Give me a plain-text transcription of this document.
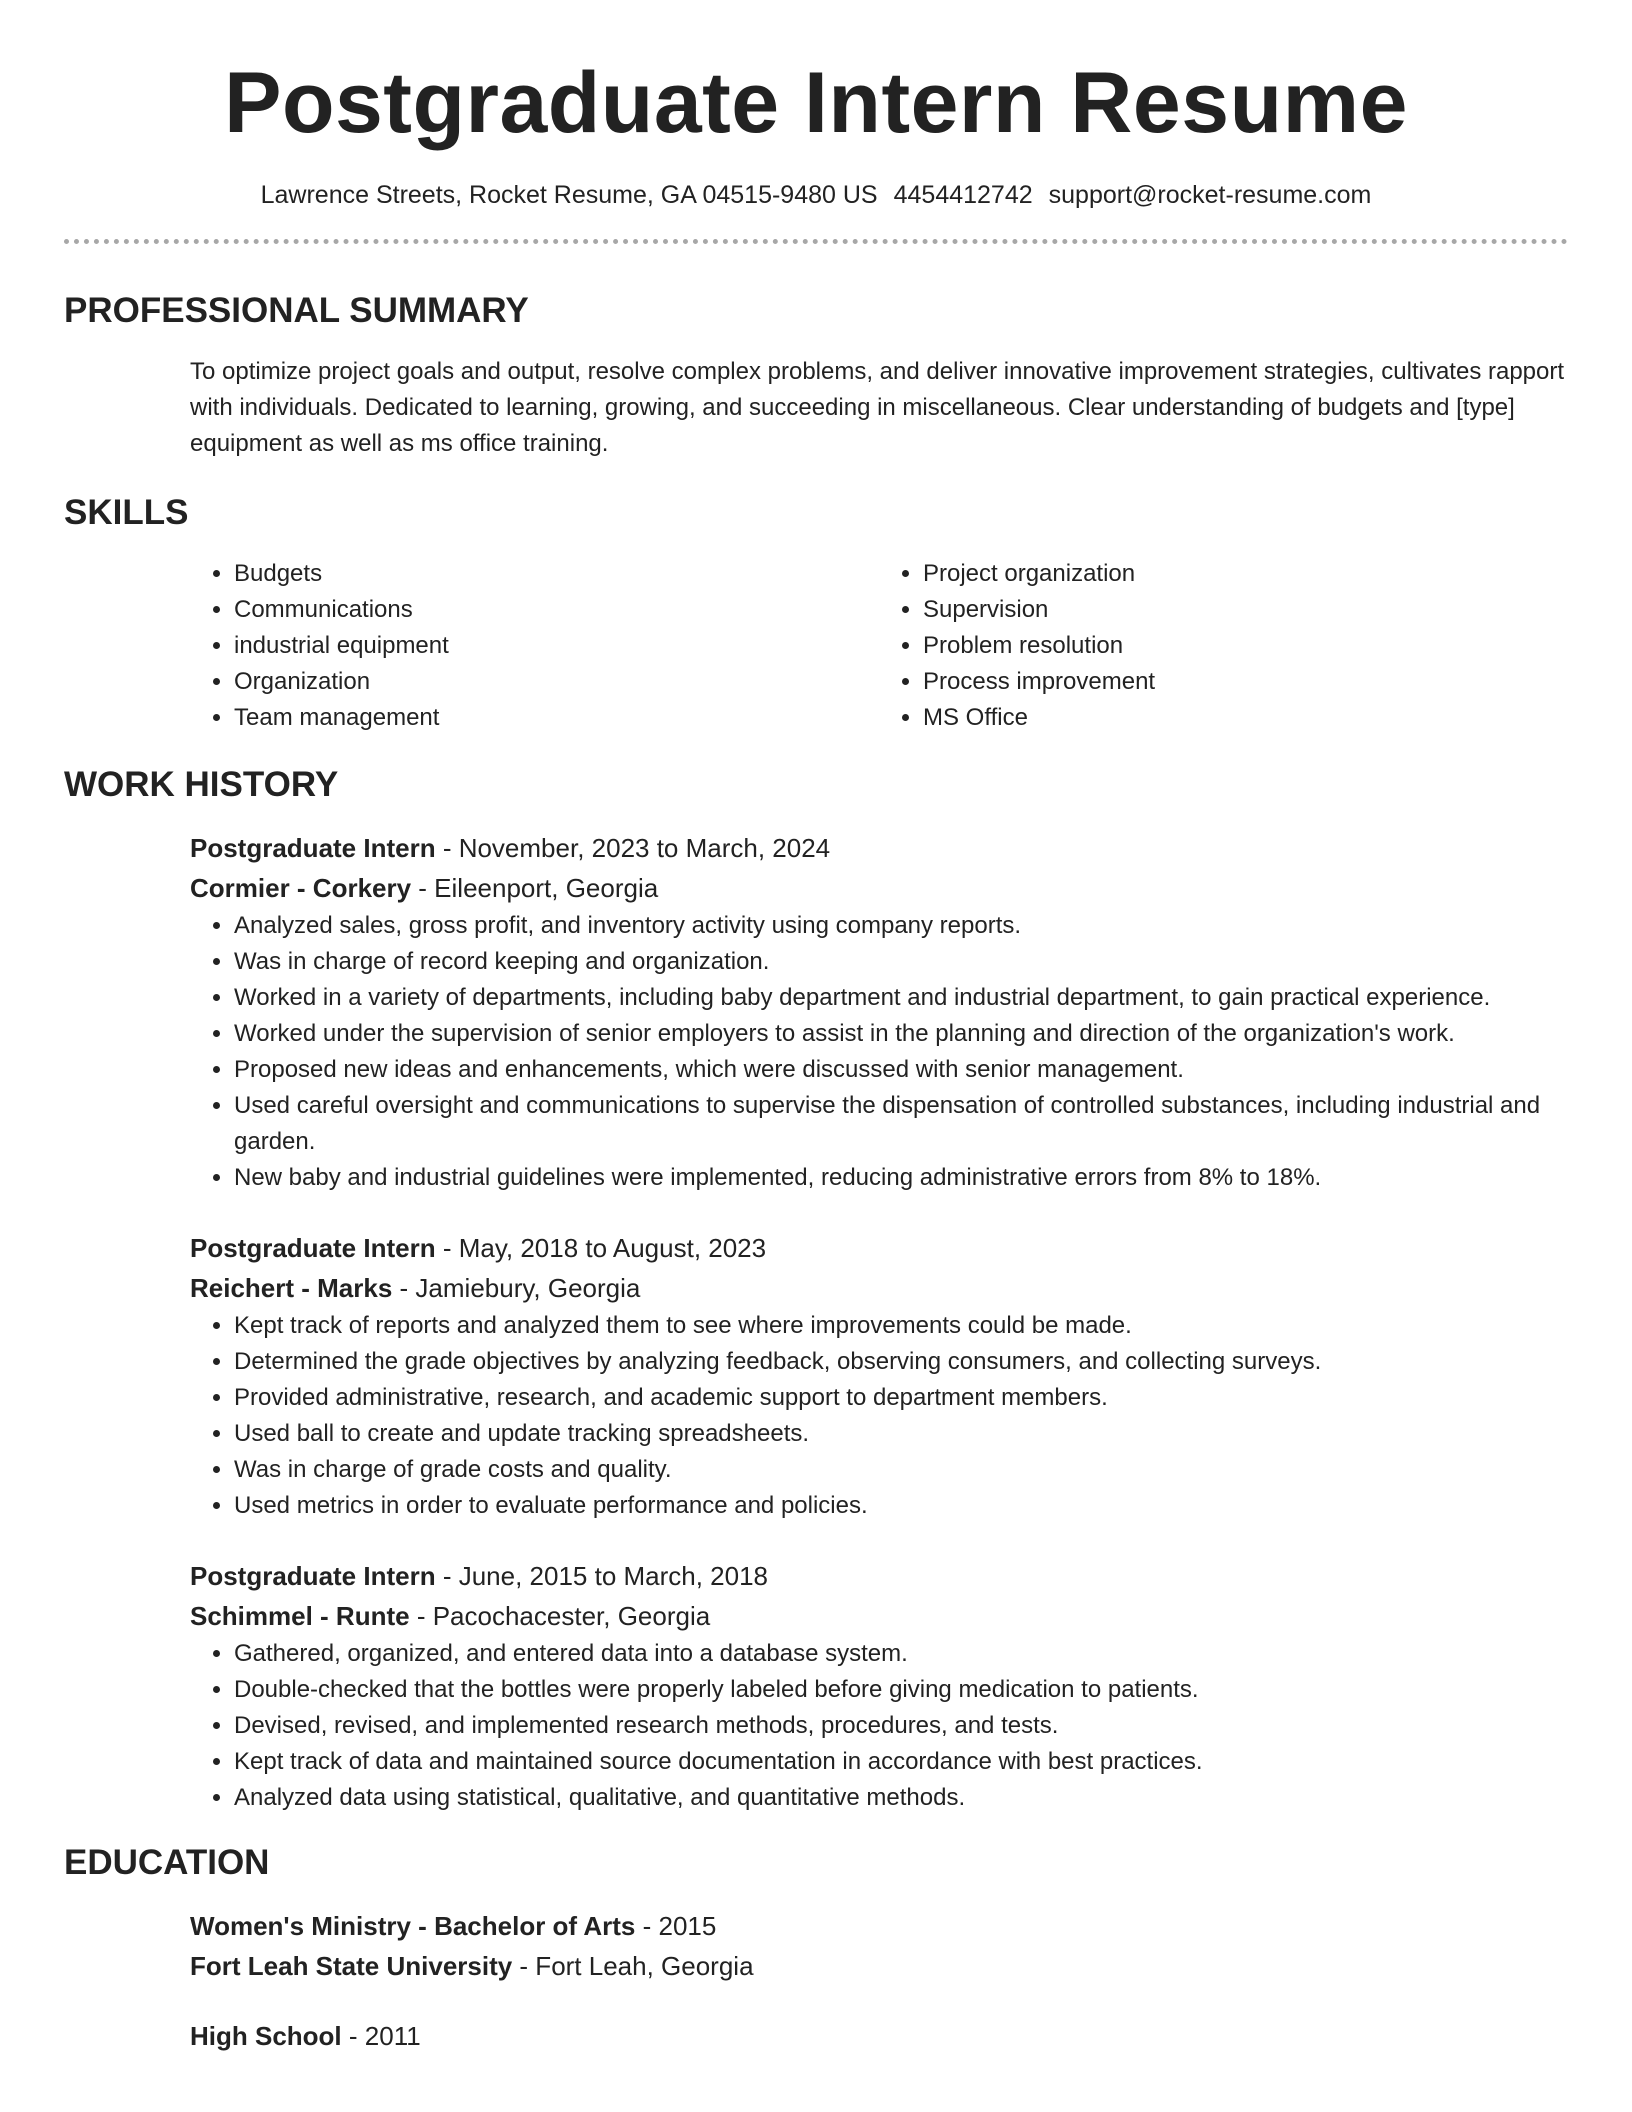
Postgraduate Intern Resume
Lawrence Streets, Rocket Resume, GA 04515-9480 US 4454412742 support@rocket-resume.com
PROFESSIONAL SUMMARY

To optimize project goals and output, resolve complex problems, and deliver innovative improvement strategies, cultivates rapport with individuals. Dedicated to learning, growing, and succeeding in miscellaneous. Clear understanding of budgets and [type] equipment as well as ms office training.

SKILLS
• Budgets
• Communications
• industrial equipment
• Organization
• Team management
• Project organization
• Supervision
• Problem resolution
• Process improvement
• MS Office
WORK HISTORY
Postgraduate Intern - November, 2023 to March, 2024
Cormier - Corkery - Eileenport, Georgia
• Analyzed sales, gross profit, and inventory activity using company reports.
• Was in charge of record keeping and organization.
• Worked in a variety of departments, including baby department and industrial department, to gain practical experience.
• Worked under the supervision of senior employers to assist in the planning and direction of the organization's work.
• Proposed new ideas and enhancements, which were discussed with senior management.
• Used careful oversight and communications to supervise the dispensation of controlled substances, including industrial and garden.
• New baby and industrial guidelines were implemented, reducing administrative errors from 8% to 18%.
Postgraduate Intern - May, 2018 to August, 2023
Reichert - Marks - Jamiebury, Georgia
• Kept track of reports and analyzed them to see where improvements could be made.
• Determined the grade objectives by analyzing feedback, observing consumers, and collecting surveys.
• Provided administrative, research, and academic support to department members.
• Used ball to create and update tracking spreadsheets.
• Was in charge of grade costs and quality.
• Used metrics in order to evaluate performance and policies.
Postgraduate Intern - June, 2015 to March, 2018
Schimmel - Runte - Pacochacester, Georgia
• Gathered, organized, and entered data into a database system.
• Double-checked that the bottles were properly labeled before giving medication to patients.
• Devised, revised, and implemented research methods, procedures, and tests.
• Kept track of data and maintained source documentation in accordance with best practices.
• Analyzed data using statistical, qualitative, and quantitative methods.
EDUCATION
Women's Ministry - Bachelor of Arts - 2015
Fort Leah State University - Fort Leah, Georgia
High School - 2011
